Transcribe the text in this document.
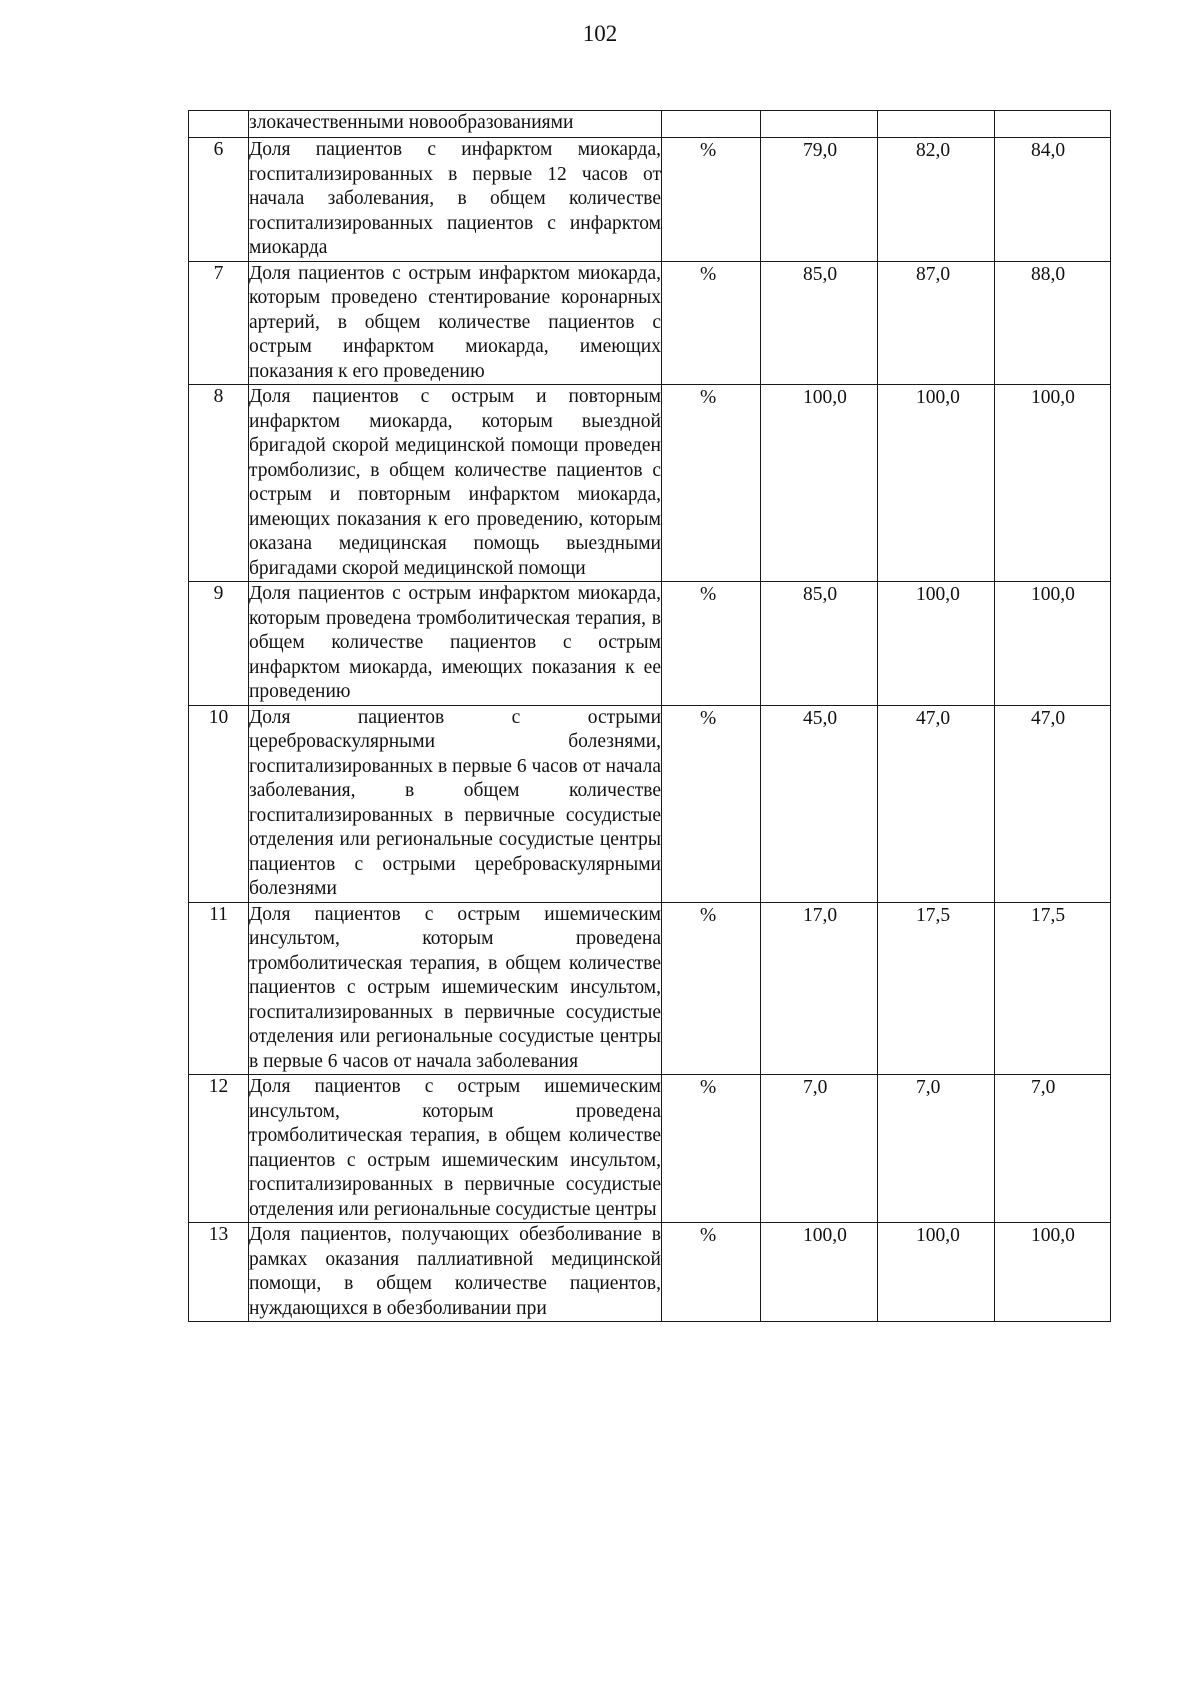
102
	злокачественными новообразованиями				
6	Доля пациентов с инфарктом миокарда, госпитализированных в первые 12 часов от начала заболевания, в общем количестве госпитализированных пациентов с инфарктом миокарда	%	79,0	82,0	84,0
7	Доля пациентов с острым инфарктом миокарда, которым проведено стентирование коронарных артерий, в общем количестве пациентов с острым инфарктом миокарда, имеющих показания к его проведению	%	85,0	87,0	88,0
8	Доля пациентов с острым и повторным инфарктом миокарда, которым выездной бригадой скорой медицинской помощи проведен тромболизис, в общем количестве пациентов с острым и повторным инфарктом миокарда, имеющих показания к его проведению, которым оказана медицинская помощь выездными бригадами скорой медицинской помощи	%	100,0	100,0	100,0
9	Доля пациентов с острым инфарктом миокарда, которым проведена тромболитическая терапия, в общем количестве пациентов с острым инфарктом миокарда, имеющих показания к ее проведению	%	85,0	100,0	100,0
10	Доля пациентов с острыми цереброваскулярными болезнями, госпитализированных в первые 6 часов от начала заболевания, в общем количестве госпитализированных в первичные сосудистые отделения или региональные сосудистые центры пациентов с острыми цереброваскулярными болезнями	%	45,0	47,0	47,0
11	Доля пациентов с острым ишемическим инсультом, которым проведена тромболитическая терапия, в общем количестве пациентов с острым ишемическим инсультом, госпитализированных в первичные сосудистые отделения или региональные сосудистые центры в первые 6 часов от начала заболевания	%	17,0	17,5	17,5
12	Доля пациентов с острым ишемическим инсультом, которым проведена тромболитическая терапия, в общем количестве пациентов с острым ишемическим инсультом, госпитализированных в первичные сосудистые отделения или региональные сосудистые центры	%	7,0	7,0	7,0
13	Доля пациентов, получающих обезболивание в рамках оказания паллиативной медицинской помощи, в общем количестве пациентов, нуждающихся в обезболивании при	%	100,0	100,0	100,0
